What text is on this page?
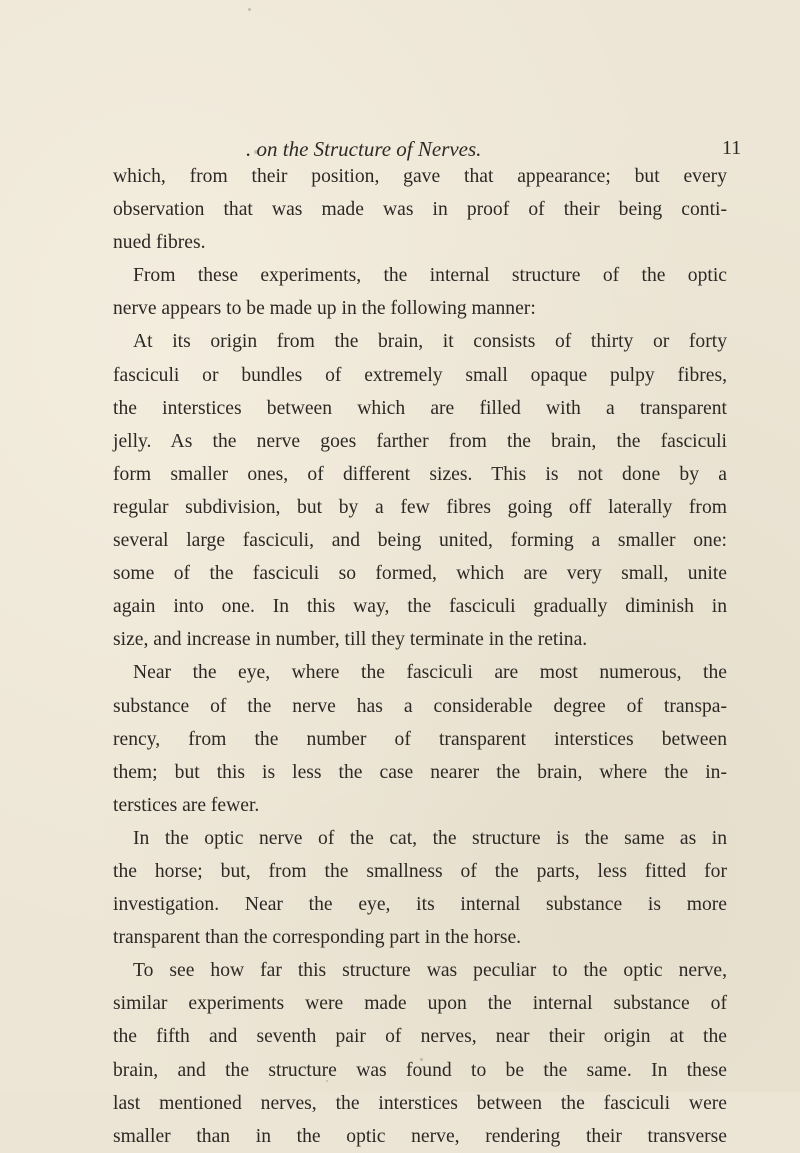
. on the Structure of Nerves.	11
which, from their position, gave that appearance; but every
observation that was made was in proof of their being conti-
nued fibres.
From these experiments, the internal structure of the optic
nerve appears to be made up in the following manner:
At its origin from the brain, it consists of thirty or forty
fasciculi or bundles of extremely small opaque pulpy fibres,
the interstices between which are filled with a transparent
jelly. As the nerve goes farther from the brain, the fasciculi
form smaller ones, of different sizes. This is not done by a
regular subdivision, but by a few fibres going off laterally from
several large fasciculi, and being united, forming a smaller one:
some of the fasciculi so formed, which are very small, unite
again into one. In this way, the fasciculi gradually diminish in
size, and increase in number, till they terminate in the retina.
Near the eye, where the fasciculi are most numerous, the
substance of the nerve has a considerable degree of transpa-
rency, from the number of transparent interstices between
them; but this is less the case nearer the brain, where the in-
terstices are fewer.
In the optic nerve of the cat, the structure is the same as in
the horse; but, from the smallness of the parts, less fitted for
investigation. Near the eye, its internal substance is more
transparent than the corresponding part in the horse.
To see how far this structure was peculiar to the optic nerve,
similar experiments were made upon the internal substance of
the fifth and seventh pair of nerves, near their origin at the
brain, and the structure was found to be the same. In these
last mentioned nerves, the interstices between the fasciculi were
smaller than in the optic nerve, rendering their transverse
